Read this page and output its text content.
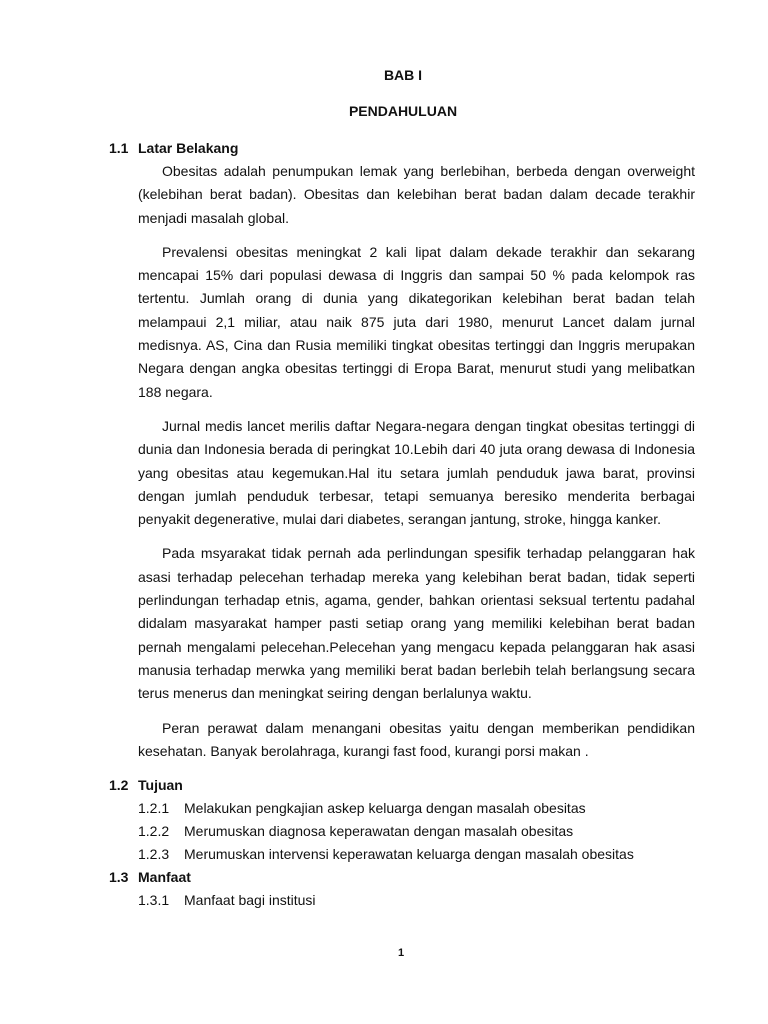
BAB I
PENDAHULUAN

1.1 Latar Belakang

Obesitas adalah penumpukan lemak yang berlebihan, berbeda dengan overweight (kelebihan berat badan). Obesitas dan kelebihan berat badan dalam decade terakhir menjadi masalah global.

Prevalensi obesitas meningkat 2 kali lipat dalam dekade terakhir dan sekarang mencapai 15% dari populasi dewasa di Inggris dan sampai 50 % pada kelompok ras tertentu. Jumlah orang di dunia yang dikategorikan kelebihan berat badan telah melampaui 2,1 miliar, atau naik 875 juta dari 1980, menurut Lancet dalam jurnal medisnya. AS, Cina dan Rusia memiliki tingkat obesitas tertinggi dan Inggris merupakan Negara dengan angka obesitas tertinggi di Eropa Barat, menurut studi yang melibatkan 188 negara.

Jurnal medis lancet merilis daftar Negara-negara dengan tingkat obesitas tertinggi di dunia dan Indonesia berada di peringkat 10.Lebih dari 40 juta orang dewasa di Indonesia yang obesitas atau kegemukan.Hal itu setara jumlah penduduk jawa barat, provinsi dengan jumlah penduduk terbesar, tetapi semuanya beresiko menderita berbagai penyakit degenerative, mulai dari diabetes, serangan jantung, stroke, hingga kanker.

Pada msyarakat tidak pernah ada perlindungan spesifik terhadap pelanggaran hak asasi terhadap pelecehan terhadap mereka yang kelebihan berat badan, tidak seperti perlindungan terhadap etnis, agama, gender, bahkan orientasi seksual tertentu padahal didalam masyarakat hamper pasti setiap orang yang memiliki kelebihan berat badan pernah mengalami pelecehan.Pelecehan yang mengacu kepada pelanggaran hak asasi manusia terhadap merwka yang memiliki berat badan berlebih telah berlangsung secara terus menerus dan meningkat seiring dengan berlalunya waktu.

Peran perawat dalam menangani obesitas yaitu dengan memberikan pendidikan kesehatan. Banyak berolahraga, kurangi fast food, kurangi porsi makan .

1.2 Tujuan

1.2.1 Melakukan pengkajian askep keluarga dengan masalah obesitas

1.2.2 Merumuskan diagnosa keperawatan dengan masalah obesitas

1.2.3 Merumuskan intervensi keperawatan keluarga dengan masalah obesitas

1.3 Manfaat

1.3.1 Manfaat bagi institusi

1
